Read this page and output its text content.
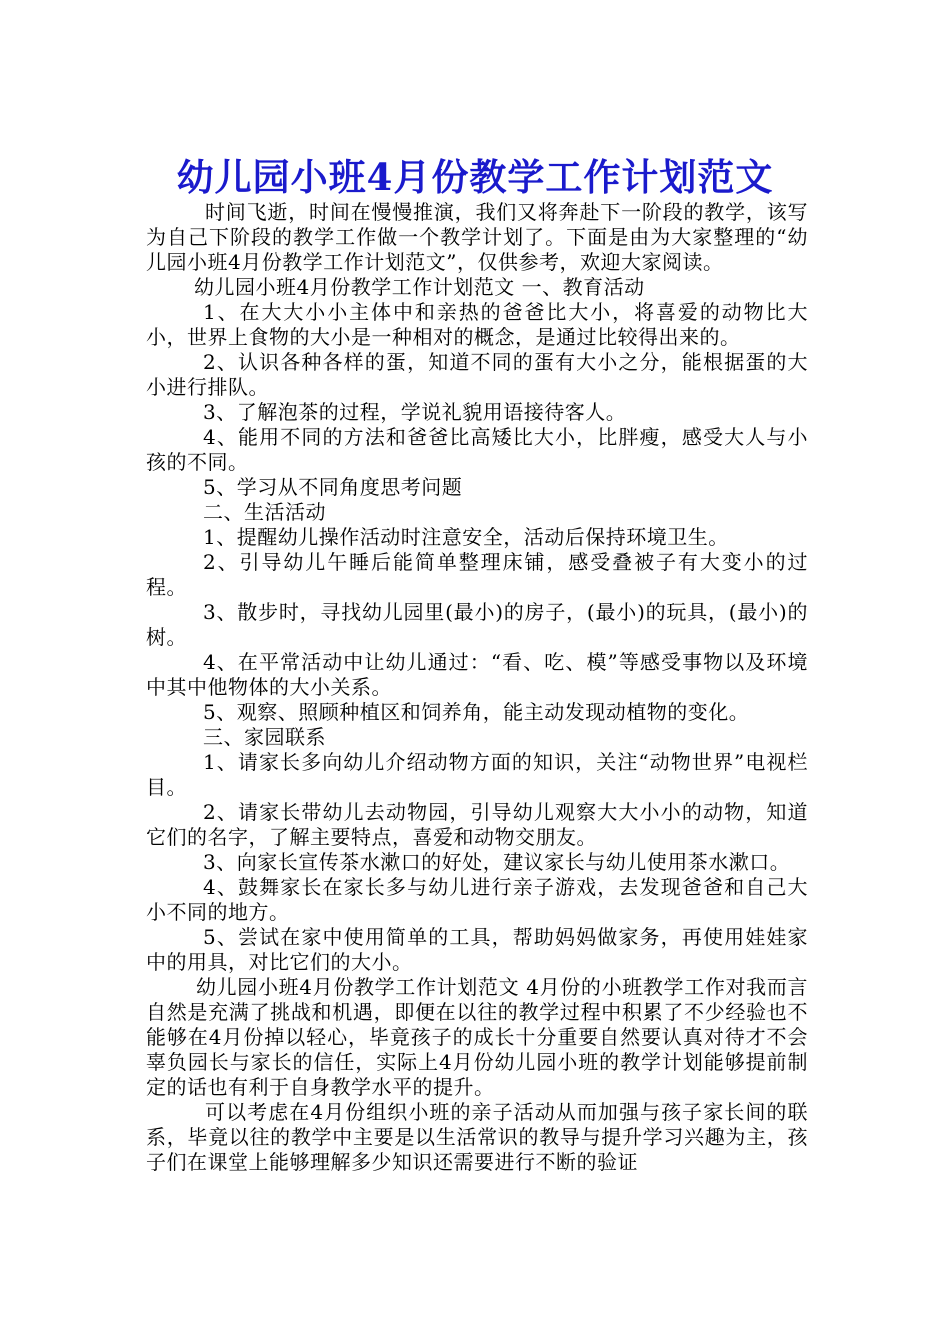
幼儿园小班4月份教学工作计划范文

时间飞逝，时间在慢慢推演，我们又将奔赴下一阶段的教学，该写为自己下阶段的教学工作做一个教学计划了。下面是由为大家整理的“幼儿园小班4月份教学工作计划范文”，仅供参考，欢迎大家阅读。

幼儿园小班4月份教学工作计划范文 一、教育活动

1、在大大小小主体中和亲热的爸爸比大小，将喜爱的动物比大小，世界上食物的大小是一种相对的概念，是通过比较得出来的。

2、认识各种各样的蛋，知道不同的蛋有大小之分，能根据蛋的大小进行排队。

3、了解泡茶的过程，学说礼貌用语接待客人。

4、能用不同的方法和爸爸比高矮比大小，比胖瘦，感受大人与小孩的不同。

5、学习从不同角度思考问题

二、生活活动

1、提醒幼儿操作活动时注意安全，活动后保持环境卫生。

2、引导幼儿午睡后能简单整理床铺，感受叠被子有大变小的过程。

3、散步时，寻找幼儿园里(最小)的房子，(最小)的玩具，(最小)的树。

4、在平常活动中让幼儿通过：“看、吃、模”等感受事物以及环境中其中他物体的大小关系。

5、观察、照顾种植区和饲养角，能主动发现动植物的变化。

三、家园联系

1、请家长多向幼儿介绍动物方面的知识，关注“动物世界”电视栏目。

2、请家长带幼儿去动物园，引导幼儿观察大大小小的动物，知道它们的名字，了解主要特点，喜爱和动物交朋友。

3、向家长宣传茶水漱口的好处，建议家长与幼儿使用茶水漱口。

4、鼓舞家长在家长多与幼儿进行亲子游戏，去发现爸爸和自己大小不同的地方。

5、尝试在家中使用简单的工具，帮助妈妈做家务，再使用娃娃家中的用具，对比它们的大小。

幼儿园小班4月份教学工作计划范文 4月份的小班教学工作对我而言自然是充满了挑战和机遇，即便在以往的教学过程中积累了不少经验也不能够在4月份掉以轻心，毕竟孩子的成长十分重要自然要认真对待才不会辜负园长与家长的信任，实际上4月份幼儿园小班的教学计划能够提前制定的话也有利于自身教学水平的提升。

可以考虑在4月份组织小班的亲子活动从而加强与孩子家长间的联系，毕竟以往的教学中主要是以生活常识的教导与提升学习兴趣为主，孩子们在课堂上能够理解多少知识还需要进行不断的验证
